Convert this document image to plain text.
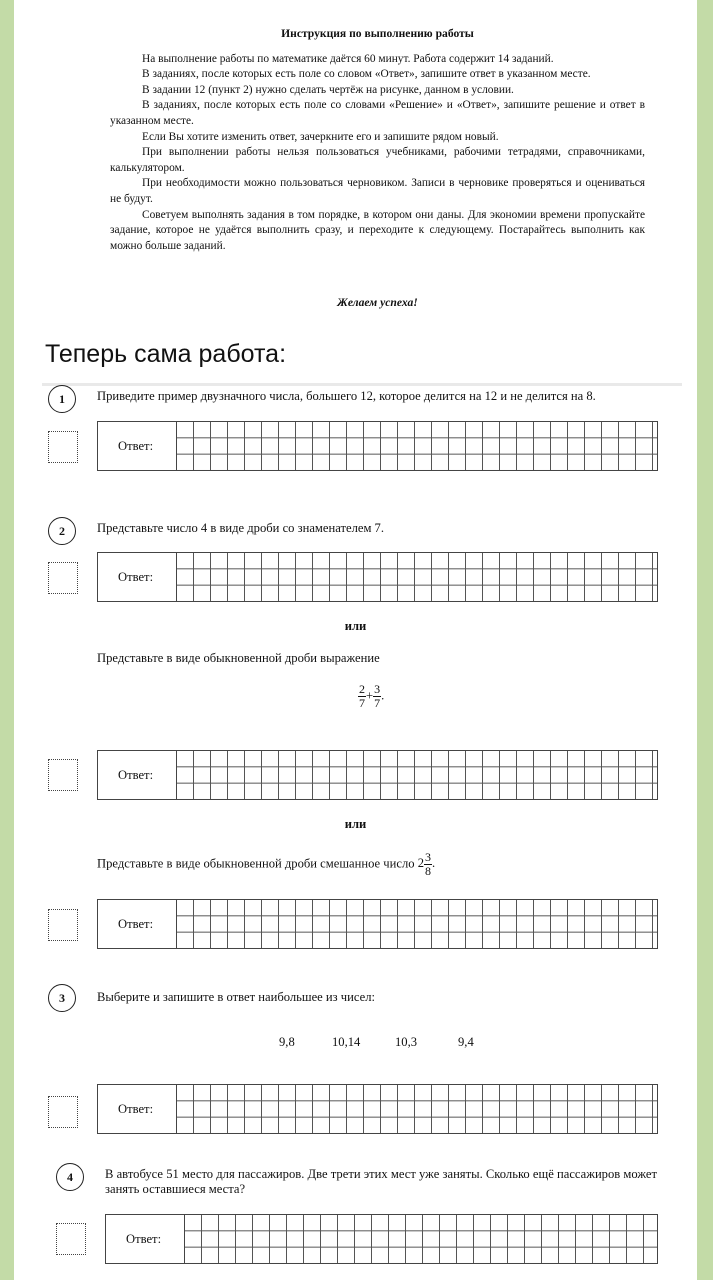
Инструкция по выполнению работы

На выполнение работы по математике даётся 60 минут. Работа содержит 14 заданий.

В заданиях, после которых есть поле со словом «Ответ», запишите ответ в указанном месте.

В задании 12 (пункт 2) нужно сделать чертёж на рисунке, данном в условии.

В заданиях, после которых есть поле со словами «Решение» и «Ответ», запишите решение и ответ в указанном месте.

Если Вы хотите изменить ответ, зачеркните его и запишите рядом новый.

При выполнении работы нельзя пользоваться учебниками, рабочими тетрадями, справочниками, калькулятором.

При необходимости можно пользоваться черновиком. Записи в черновике проверяться и оцениваться не будут.

Советуем выполнять задания в том порядке, в котором они даны. Для экономии времени пропускайте задание, которое не удаётся выполнить сразу, и переходите к следующему. Постарайтесь выполнить как можно больше заданий.

Желаем успеха!
Теперь сама работа:
1	Приведите пример двузначного числа, большего 12, которое делится на 12 и не делится на 8.
Ответ:
2	Представьте число 4 в виде дроби со знаменателем 7.
Ответ:
или
Представьте в виде обыкновенной дроби выражение
$\frac{2}{7} + \frac{3}{7}$ .
Ответ:
или
Представьте в виде обыкновенной дроби смешанное число $2 \frac{3}{8}$ .
Ответ:
3	Выберите и запишите в ответ наибольшее из чисел:
9,8	10,14	10,3	9,4
Ответ:
4	В автобусе 51 место для пассажиров. Две трети этих мест уже заняты. Сколько ещё пассажиров может занять оставшиеся места?
Ответ:
